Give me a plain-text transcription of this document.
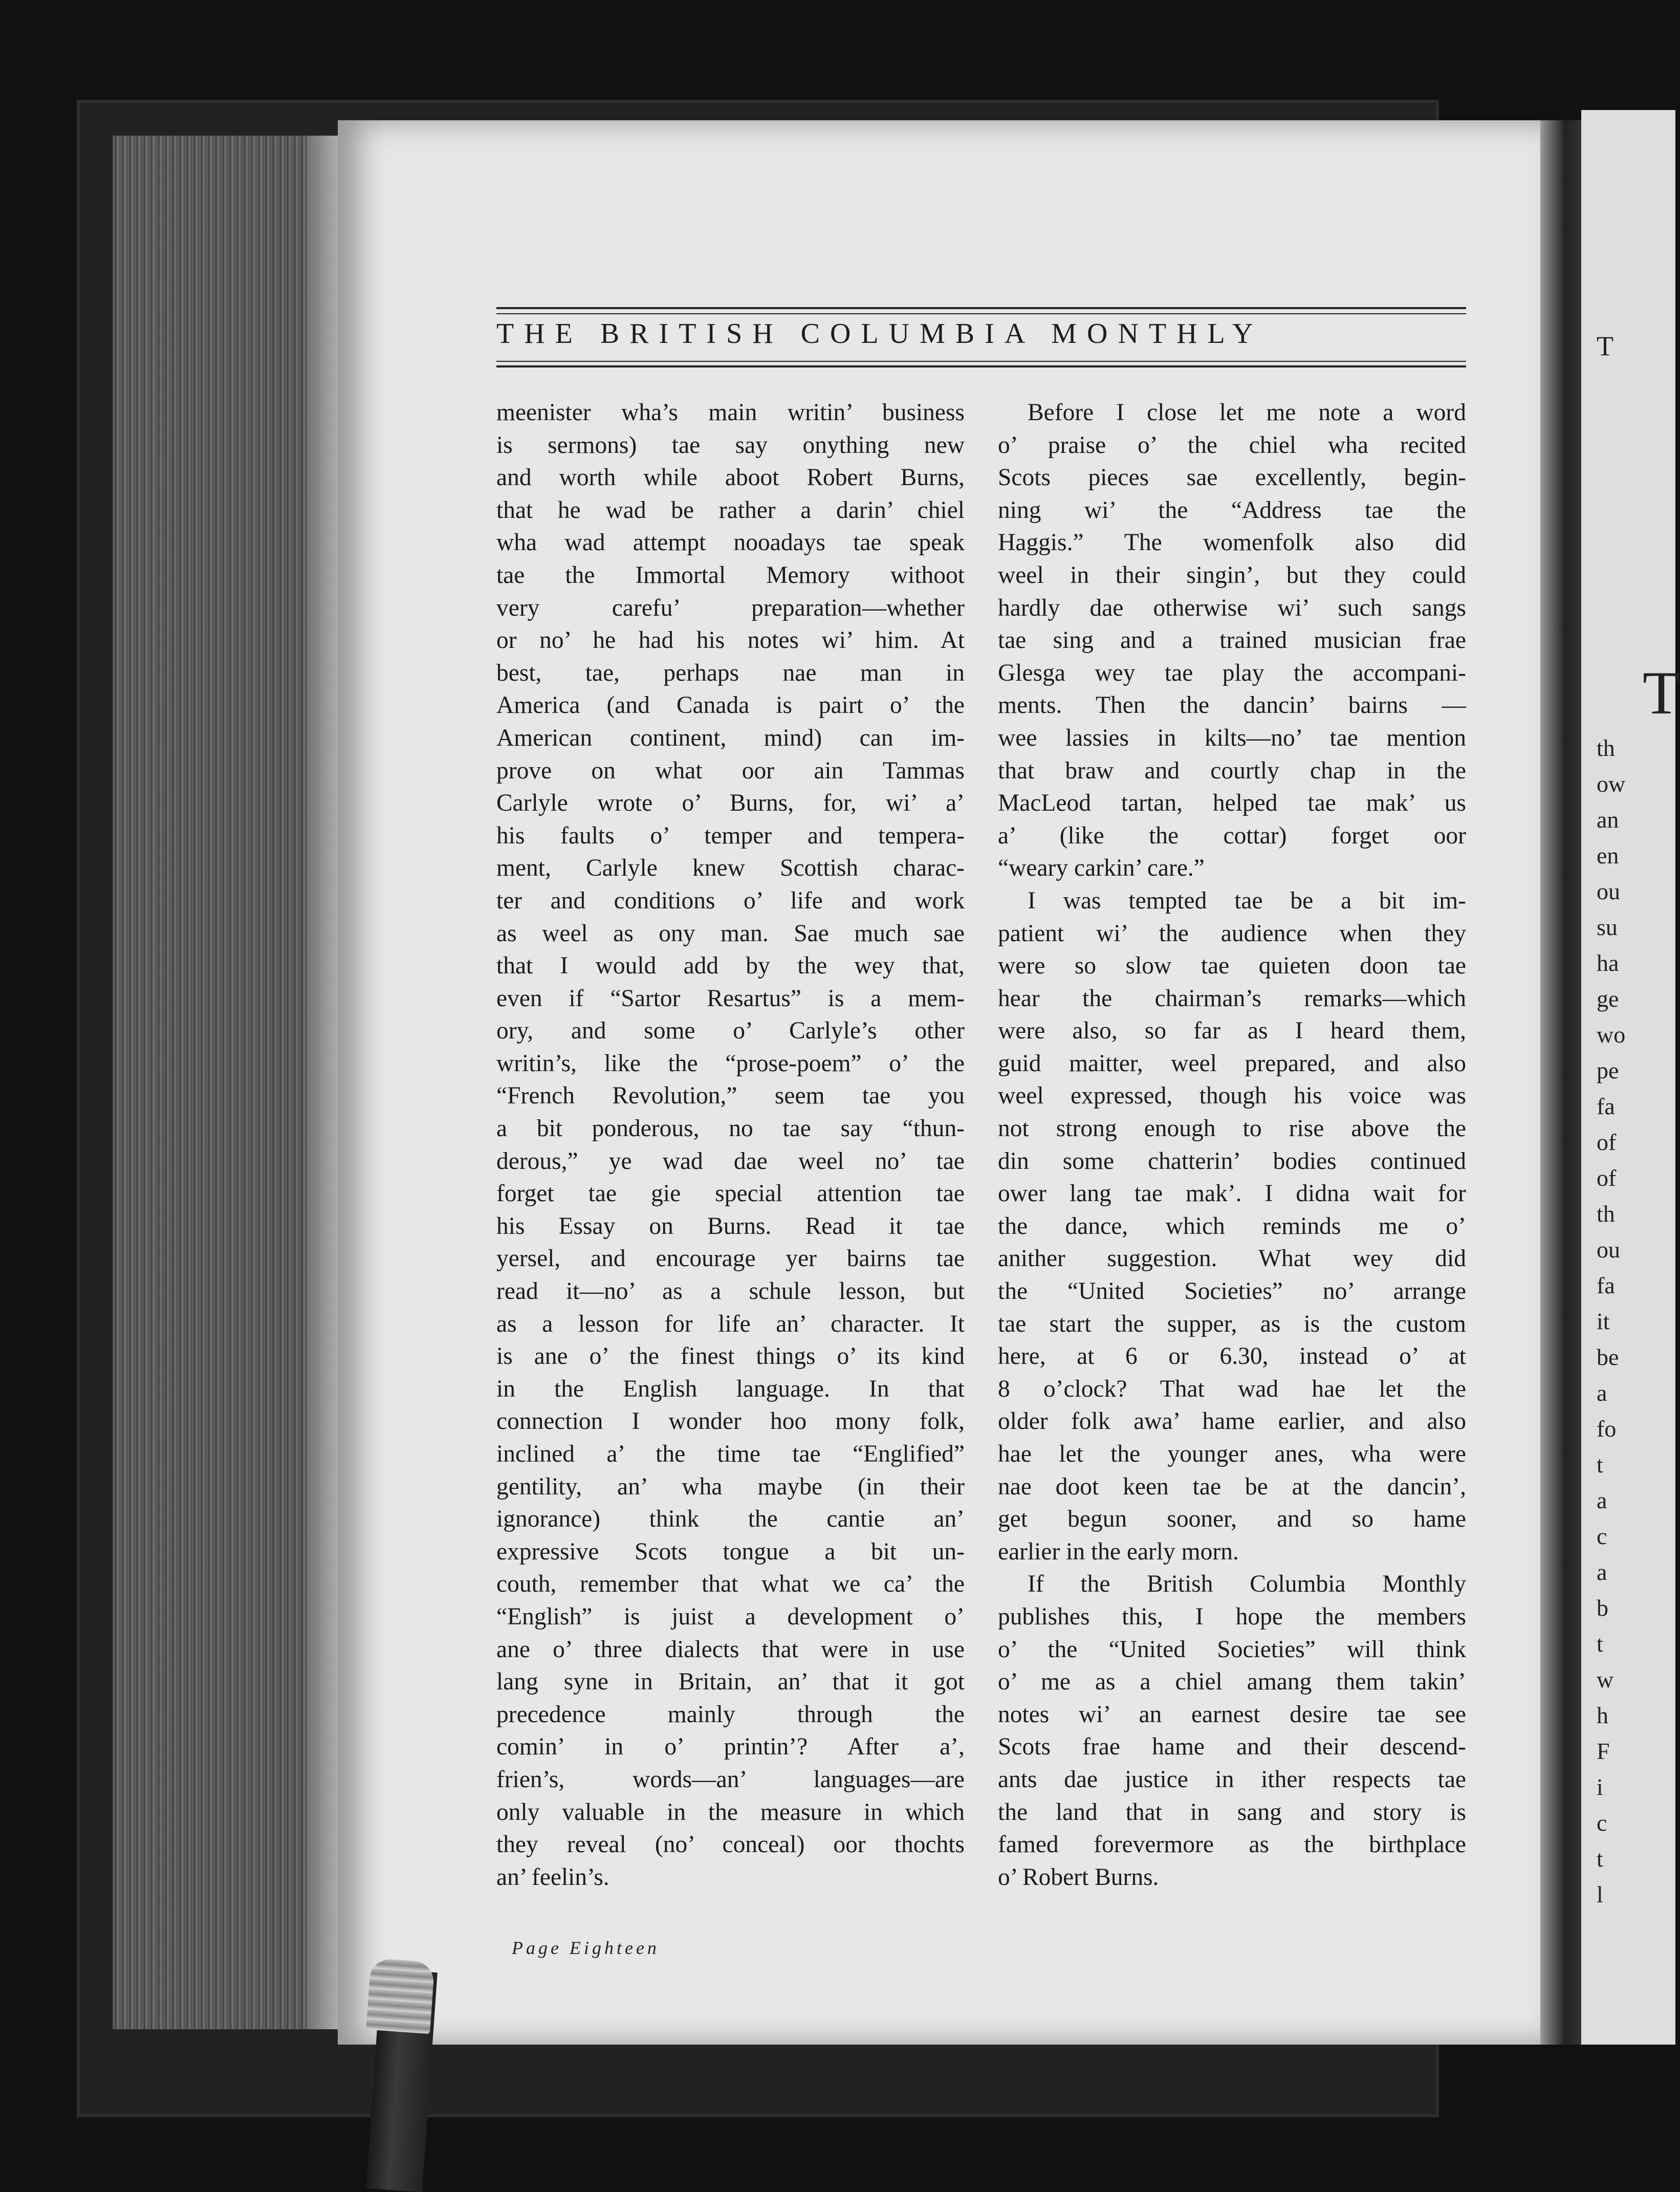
THE BRITISH COLUMBIA MONTHLY
meenister wha’s main writin’ business
is sermons) tae say onything new
and worth while aboot Robert Burns,
that he wad be rather a darin’ chiel
wha wad attempt nooadays tae speak
tae the Immortal Memory withoot
very carefu’ preparation—whether
or no’ he had his notes wi’ him. At
best, tae, perhaps nae man in
America (and Canada is pairt o’ the
American continent, mind) can im-
prove on what oor ain Tammas
Carlyle wrote o’ Burns, for, wi’ a’
his faults o’ temper and tempera-
ment, Carlyle knew Scottish charac-
ter and conditions o’ life and work
as weel as ony man. Sae much sae
that I would add by the wey that,
even if “Sartor Resartus” is a mem-
ory, and some o’ Carlyle’s other
writin’s, like the “prose-poem” o’ the
“French Revolution,” seem tae you
a bit ponderous, no tae say “thun-
derous,” ye wad dae weel no’ tae
forget tae gie special attention tae
his Essay on Burns. Read it tae
yersel, and encourage yer bairns tae
read it—no’ as a schule lesson, but
as a lesson for life an’ character. It
is ane o’ the finest things o’ its kind
in the English language. In that
connection I wonder hoo mony folk,
inclined a’ the time tae “Englified”
gentility, an’ wha maybe (in their
ignorance) think the cantie an’
expressive Scots tongue a bit un-
couth, remember that what we ca’ the
“English” is juist a development o’
ane o’ three dialects that were in use
lang syne in Britain, an’ that it got
precedence mainly through the
comin’ in o’ printin’? After a’,
frien’s, words—an’ languages—are
only valuable in the measure in which
they reveal (no’ conceal) oor thochts
an’ feelin’s.
Before I close let me note a word
o’ praise o’ the chiel wha recited
Scots pieces sae excellently, begin-
ning wi’ the “Address tae the
Haggis.” The womenfolk also did
weel in their singin’, but they could
hardly dae otherwise wi’ such sangs
tae sing and a trained musician frae
Glesga wey tae play the accompani-
ments. Then the dancin’ bairns —
wee lassies in kilts—no’ tae mention
that braw and courtly chap in the
MacLeod tartan, helped tae mak’ us
a’ (like the cottar) forget oor
“weary carkin’ care.”
I was tempted tae be a bit im-
patient wi’ the audience when they
were so slow tae quieten doon tae
hear the chairman’s remarks—which
were also, so far as I heard them,
guid maitter, weel prepared, and also
weel expressed, though his voice was
not strong enough to rise above the
din some chatterin’ bodies continued
ower lang tae mak’. I didna wait for
the dance, which reminds me o’
anither suggestion. What wey did
the “United Societies” no’ arrange
tae start the supper, as is the custom
here, at 6 or 6.30, instead o’ at
8 o’clock? That wad hae let the
older folk awa’ hame earlier, and also
hae let the younger anes, wha were
nae doot keen tae be at the dancin’,
get begun sooner, and so hame
earlier in the early morn.
If the British Columbia Monthly
publishes this, I hope the members
o’ the “United Societies” will think
o’ me as a chiel amang them takin’
notes wi’ an earnest desire tae see
Scots frae hame and their descend-
ants dae justice in ither respects tae
the land that in sang and story is
famed forevermore as the birthplace
o’ Robert Burns.
Page Eighteen
T
T
th
ow
an
en
ou
su
ha
ge
wo
pe
fa
of
of
th
ou
fa
it
be
a
fo
t
a
c
a
b
t
w
h
F
i
c
t
l
